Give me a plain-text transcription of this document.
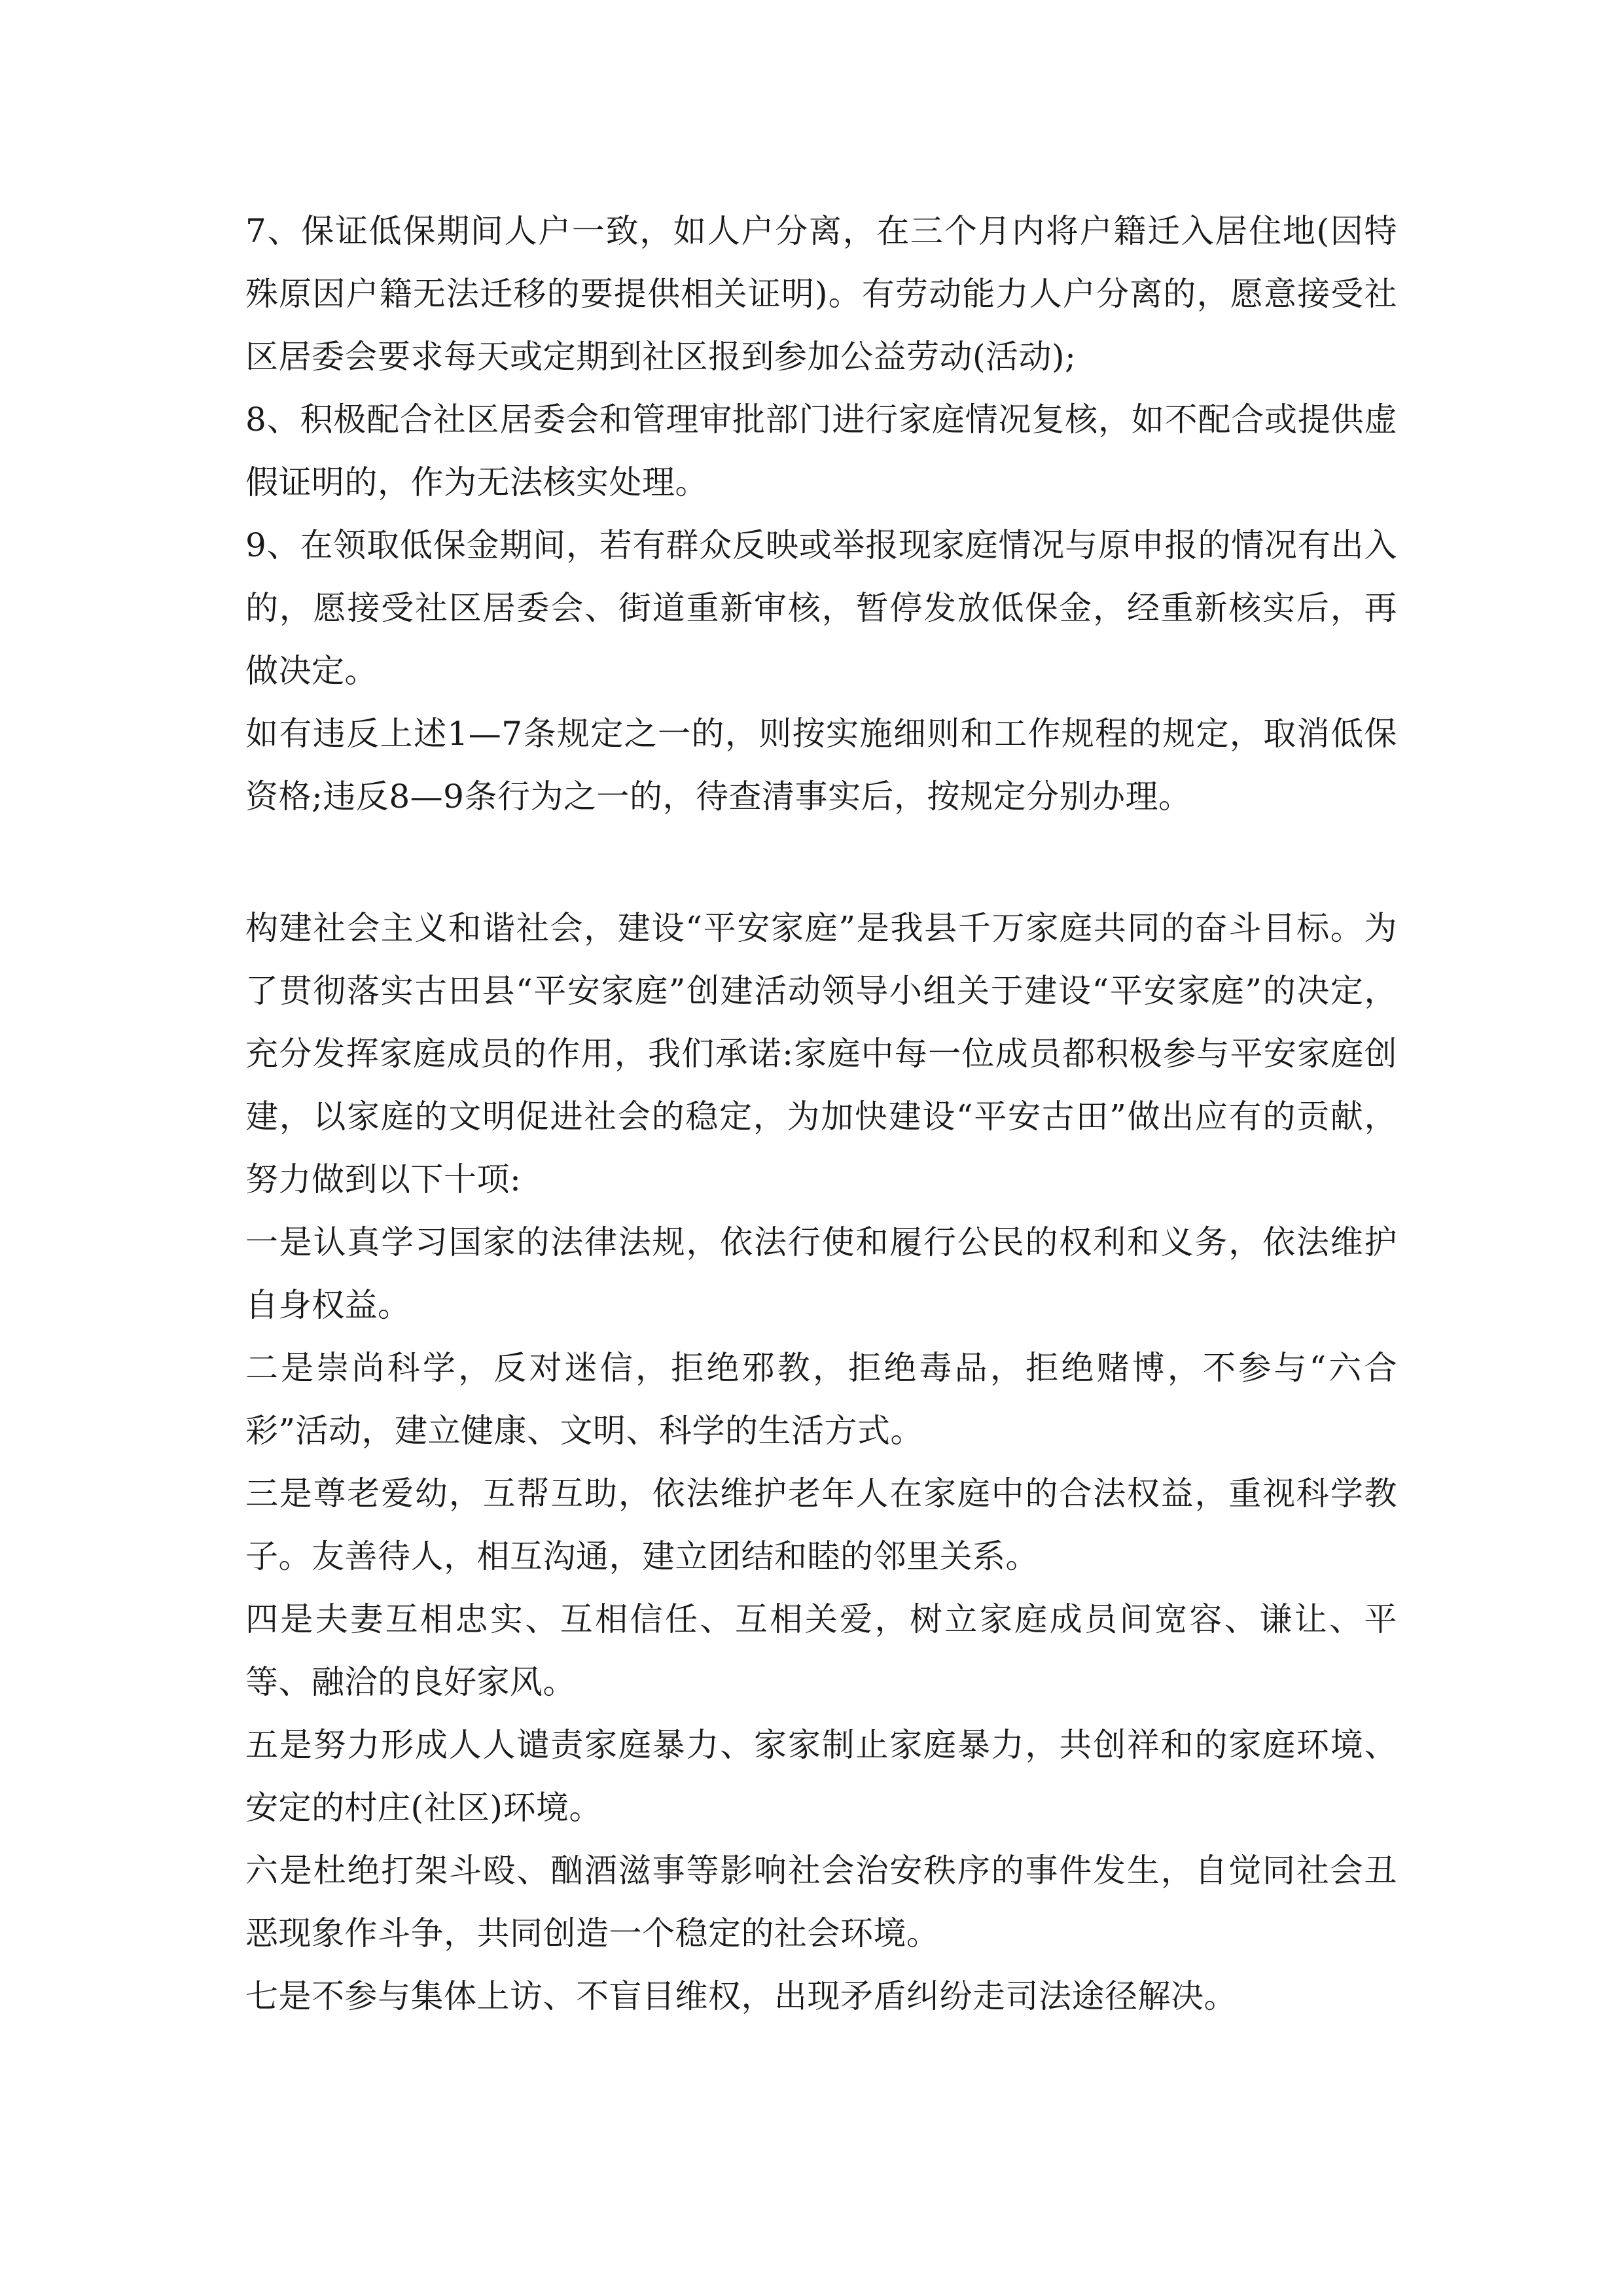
7、保证低保期间人户一致，如人户分离，在三个月内将户籍迁入居住地(因特殊原因户籍无法迁移的要提供相关证明)。有劳动能力人户分离的，愿意接受社区居委会要求每天或定期到社区报到参加公益劳动(活动);

8、积极配合社区居委会和管理审批部门进行家庭情况复核，如不配合或提供虚假证明的，作为无法核实处理。

9、在领取低保金期间，若有群众反映或举报现家庭情况与原申报的情况有出入的，愿接受社区居委会、街道重新审核，暂停发放低保金，经重新核实后，再做决定。

如有违反上述1—7条规定之一的，则按实施细则和工作规程的规定，取消低保资格;违反8—9条行为之一的，待查清事实后，按规定分别办理。

构建社会主义和谐社会，建设“平安家庭”是我县千万家庭共同的奋斗目标。为了贯彻落实古田县“平安家庭”创建活动领导小组关于建设“平安家庭”的决定，充分发挥家庭成员的作用，我们承诺:家庭中每一位成员都积极参与平安家庭创建，以家庭的文明促进社会的稳定，为加快建设“平安古田”做出应有的贡献，努力做到以下十项:

一是认真学习国家的法律法规，依法行使和履行公民的权利和义务，依法维护自身权益。

二是崇尚科学，反对迷信，拒绝邪教，拒绝毒品，拒绝赌博，不参与“六合彩”活动，建立健康、文明、科学的生活方式。

三是尊老爱幼，互帮互助，依法维护老年人在家庭中的合法权益，重视科学教子。友善待人，相互沟通，建立团结和睦的邻里关系。

四是夫妻互相忠实、互相信任、互相关爱，树立家庭成员间宽容、谦让、平等、融洽的良好家风。

五是努力形成人人谴责家庭暴力、家家制止家庭暴力，共创祥和的家庭环境、安定的村庄(社区)环境。

六是杜绝打架斗殴、酗酒滋事等影响社会治安秩序的事件发生，自觉同社会丑恶现象作斗争，共同创造一个稳定的社会环境。

七是不参与集体上访、不盲目维权，出现矛盾纠纷走司法途径解决。
